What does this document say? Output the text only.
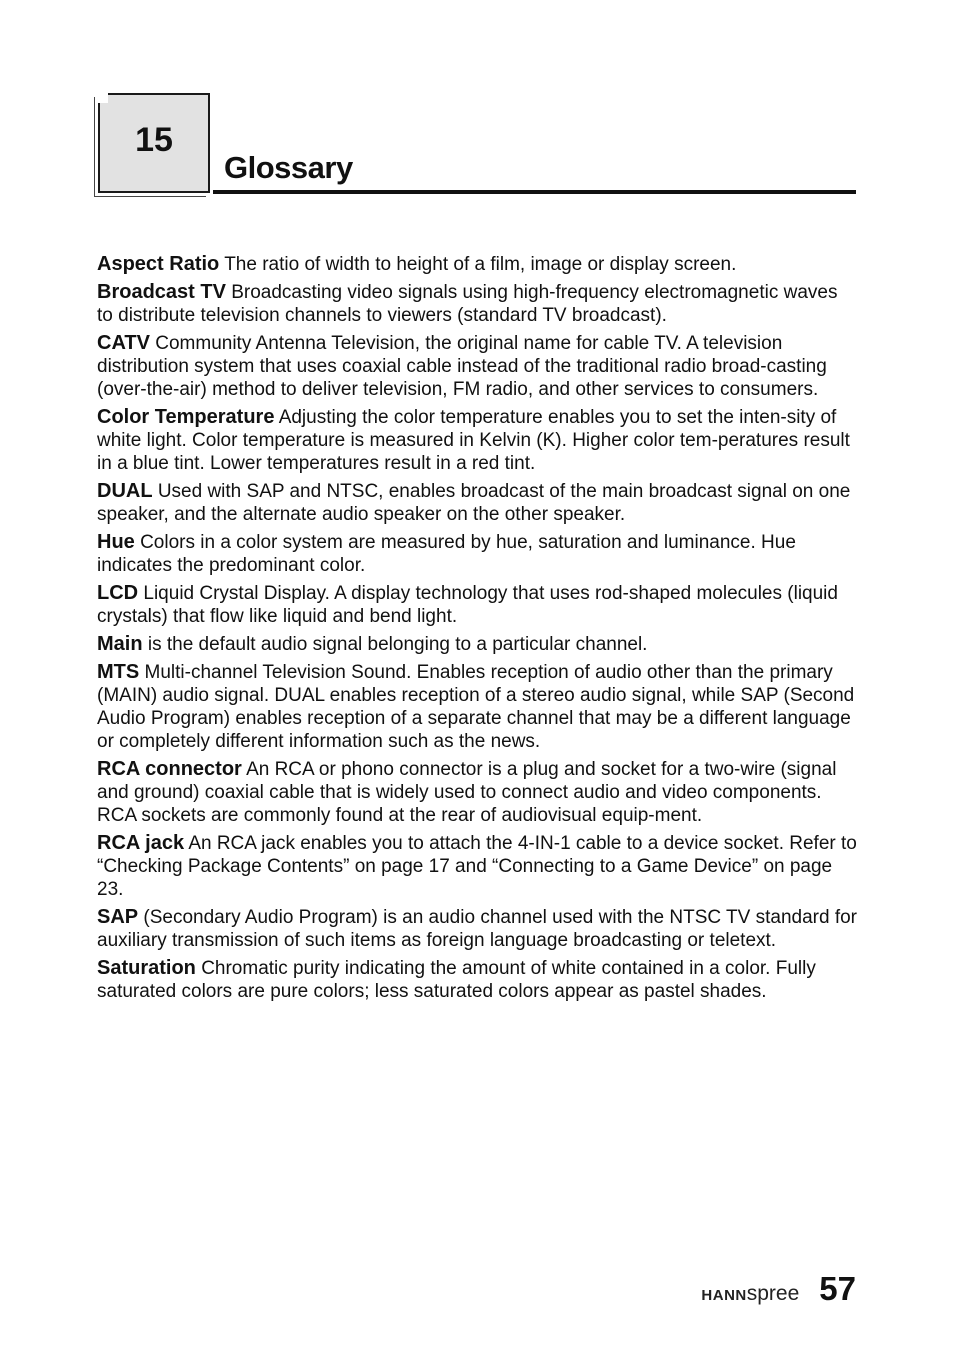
15
Glossary

Aspect Ratio The ratio of width to height of a film, image or display screen.

Broadcast TV Broadcasting video signals using high-frequency electromagnetic waves to distribute television channels to viewers (standard TV broadcast).

CATV Community Antenna Television, the original name for cable TV. A television distribution system that uses coaxial cable instead of the traditional radio broad-casting (over-the-air) method to deliver television, FM radio, and other services to consumers.

Color Temperature Adjusting the color temperature enables you to set the inten-sity of white light. Color temperature is measured in Kelvin (K). Higher color tem-peratures result in a blue tint. Lower temperatures result in a red tint.

DUAL Used with SAP and NTSC, enables broadcast of the main broadcast signal on one speaker, and the alternate audio speaker on the other speaker.

Hue Colors in a color system are measured by hue, saturation and luminance. Hue indicates the predominant color.

LCD Liquid Crystal Display. A display technology that uses rod-shaped molecules (liquid crystals) that flow like liquid and bend light.

Main is the default audio signal belonging to a particular channel.

MTS Multi-channel Television Sound. Enables reception of audio other than the primary (MAIN) audio signal. DUAL enables reception of a stereo audio signal, while SAP (Second Audio Program) enables reception of a separate channel that may be a different language or completely different information such as the news.

RCA connector An RCA or phono connector is a plug and socket for a two-wire (signal and ground) coaxial cable that is widely used to connect audio and video components. RCA sockets are commonly found at the rear of audiovisual equip-ment.

RCA jack An RCA jack enables you to attach the 4-IN-1 cable to a device socket. Refer to “Checking Package Contents” on page 17 and “Connecting to a Game Device” on page 23.

SAP (Secondary Audio Program) is an audio channel used with the NTSC TV standard for auxiliary transmission of such items as foreign language broadcasting or teletext.

Saturation Chromatic purity indicating the amount of white contained in a color. Fully saturated colors are pure colors; less saturated colors appear as pastel shades.

HANNspree 57
